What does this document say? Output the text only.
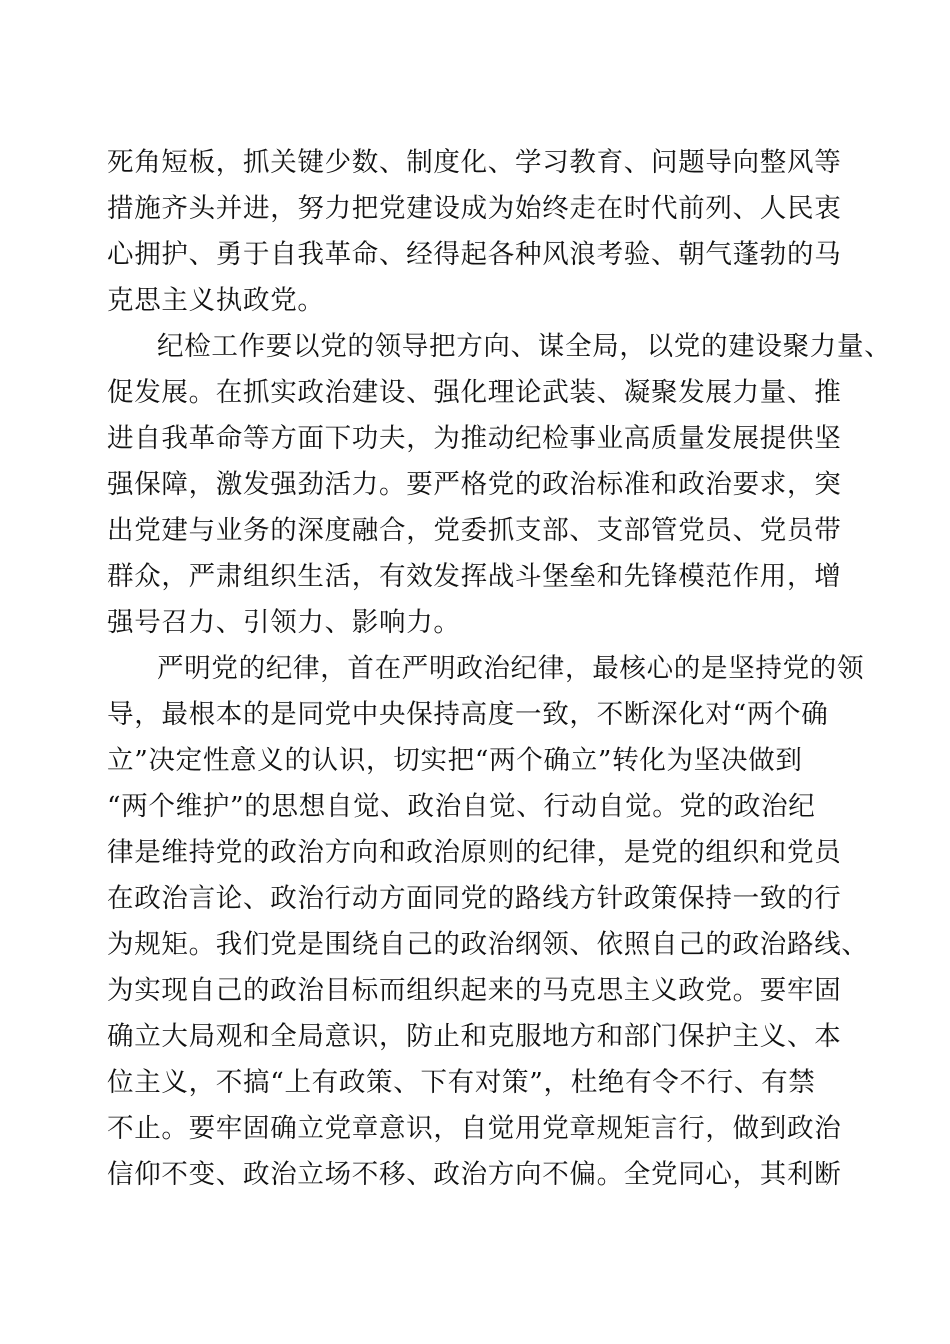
死角短板，抓关键少数、制度化、学习教育、问题导向整风等
措施齐头并进，努力把党建设成为始终走在时代前列、人民衷
心拥护、勇于自我革命、经得起各种风浪考验、朝气蓬勃的马
克思主义执政党。
纪检工作要以党的领导把方向、谋全局，以党的建设聚力量、
促发展。在抓实政治建设、强化理论武装、凝聚发展力量、推
进自我革命等方面下功夫，为推动纪检事业高质量发展提供坚
强保障，激发强劲活力。要严格党的政治标准和政治要求，突
出党建与业务的深度融合，党委抓支部、支部管党员、党员带
群众，严肃组织生活，有效发挥战斗堡垒和先锋模范作用，增
强号召力、引领力、影响力。
严明党的纪律，首在严明政治纪律，最核心的是坚持党的领
导，最根本的是同党中央保持高度一致，不断深化对“两个确
立”决定性意义的认识，切实把“两个确立”转化为坚决做到
“两个维护”的思想自觉、政治自觉、行动自觉。党的政治纪
律是维持党的政治方向和政治原则的纪律，是党的组织和党员
在政治言论、政治行动方面同党的路线方针政策保持一致的行
为规矩。我们党是围绕自己的政治纲领、依照自己的政治路线、
为实现自己的政治目标而组织起来的马克思主义政党。要牢固
确立大局观和全局意识，防止和克服地方和部门保护主义、本
位主义，不搞“上有政策、下有对策”，杜绝有令不行、有禁
不止。要牢固确立党章意识，自觉用党章规矩言行，做到政治
信仰不变、政治立场不移、政治方向不偏。全党同心，其利断
